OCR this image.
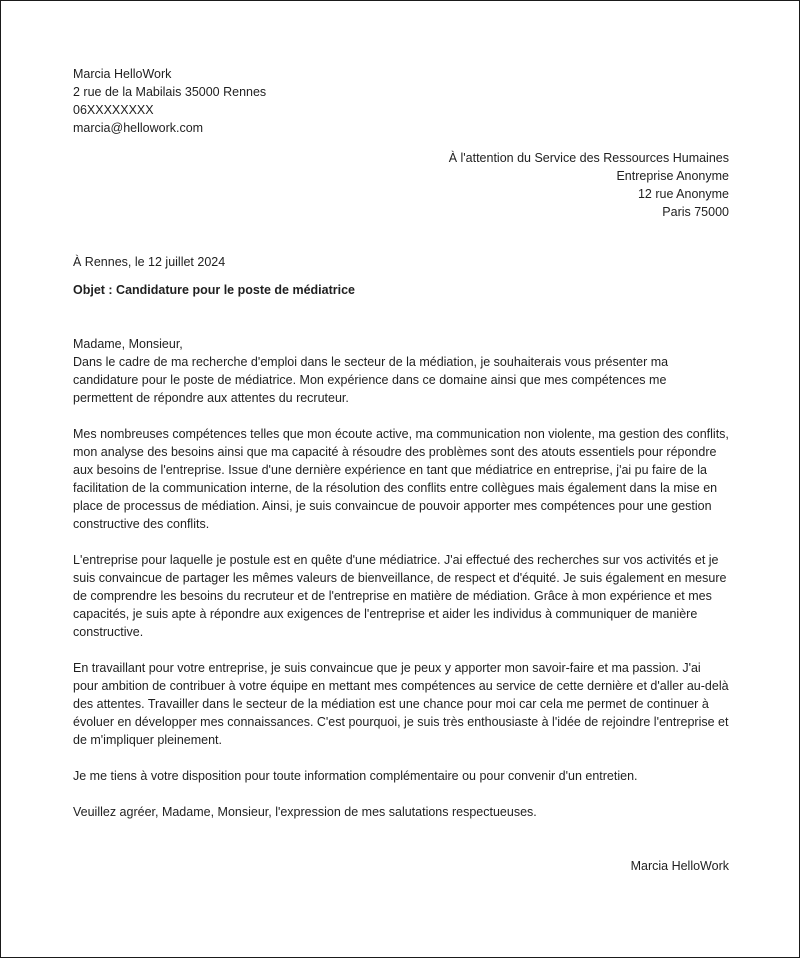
Marcia HelloWork
2 rue de la Mabilais 35000 Rennes
06XXXXXXXX
marcia@hellowork.com
À l'attention du Service des Ressources Humaines
Entreprise Anonyme
12 rue Anonyme
Paris 75000
À Rennes, le 12 juillet 2024
Objet : Candidature pour le poste de médiatrice
Madame, Monsieur,

Dans le cadre de ma recherche d'emploi dans le secteur de la médiation, je souhaiterais vous présenter ma candidature pour le poste de médiatrice. Mon expérience dans ce domaine ainsi que mes compétences me permettent de répondre aux attentes du recruteur.

Mes nombreuses compétences telles que mon écoute active, ma communication non violente, ma gestion des conflits, mon analyse des besoins ainsi que ma capacité à résoudre des problèmes sont des atouts essentiels pour répondre aux besoins de l'entreprise. Issue d'une dernière expérience en tant que médiatrice en entreprise, j'ai pu faire de la facilitation de la communication interne, de la résolution des conflits entre collègues mais également dans la mise en place de processus de médiation. Ainsi, je suis convaincue de pouvoir apporter mes compétences pour une gestion constructive des conflits.

L'entreprise pour laquelle je postule est en quête d'une médiatrice. J'ai effectué des recherches sur vos activités et je suis convaincue de partager les mêmes valeurs de bienveillance, de respect et d'équité. Je suis également en mesure de comprendre les besoins du recruteur et de l'entreprise en matière de médiation. Grâce à mon expérience et mes capacités, je suis apte à répondre aux exigences de l'entreprise et aider les individus à communiquer de manière constructive.

En travaillant pour votre entreprise, je suis convaincue que je peux y apporter mon savoir-faire et ma passion. J'ai pour ambition de contribuer à votre équipe en mettant mes compétences au service de cette dernière et d'aller au-delà des attentes. Travailler dans le secteur de la médiation est une chance pour moi car cela me permet de continuer à évoluer en développer mes connaissances. C'est pourquoi, je suis très enthousiaste à l'idée de rejoindre l'entreprise et de m'impliquer pleinement.

Je me tiens à votre disposition pour toute information complémentaire ou pour convenir d'un entretien.

Veuillez agréer, Madame, Monsieur, l'expression de mes salutations respectueuses.

Marcia HelloWork
